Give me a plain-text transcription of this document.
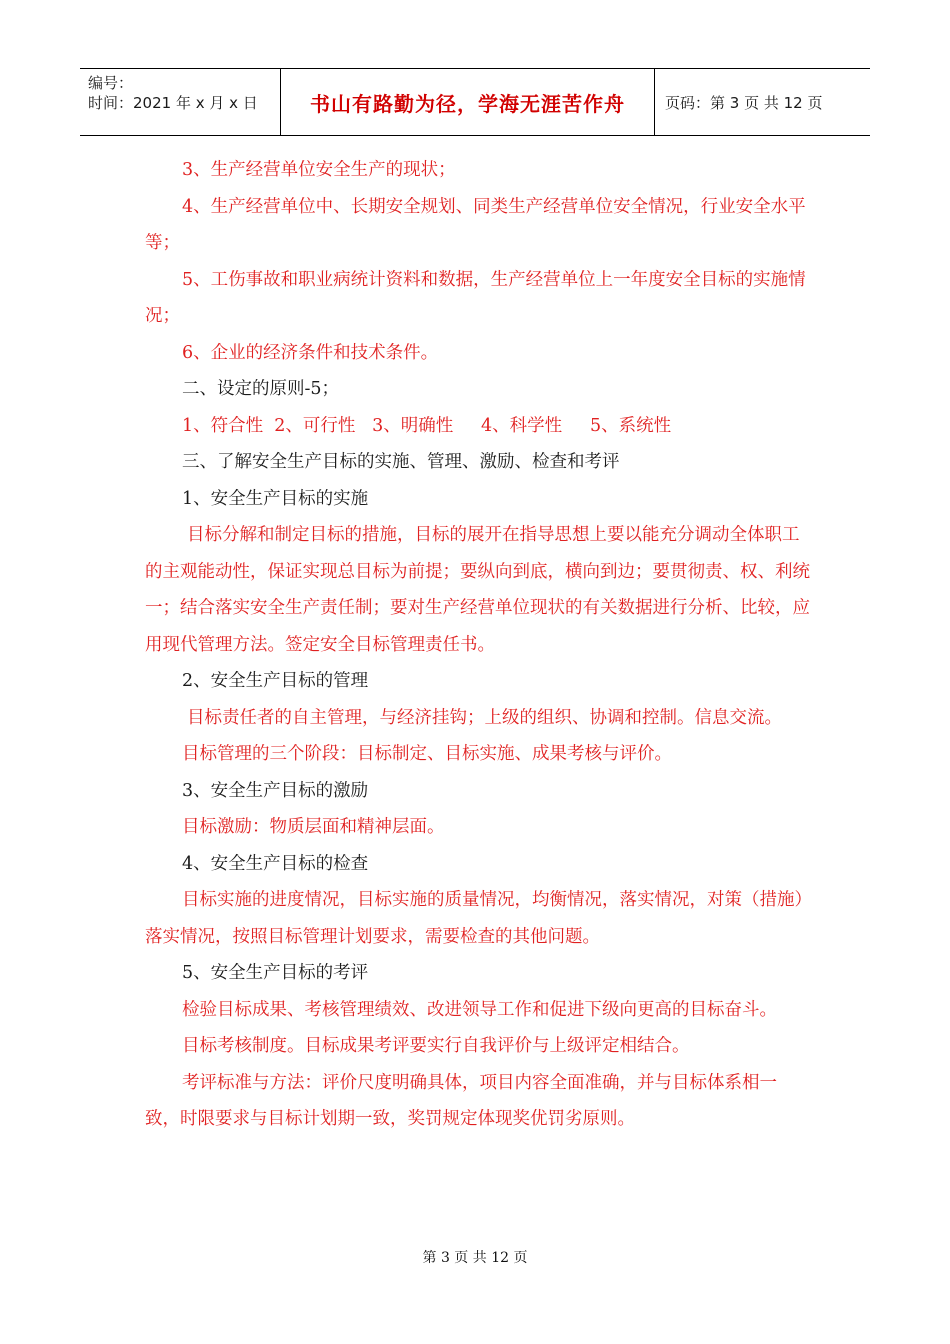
编号：
时间：2021 年 x 月 x 日	书山有路勤为径，学海无涯苦作舟	页码：第 3 页 共 12 页

3、生产经营单位安全生产的现状；

4、生产经营单位中、长期安全规划、同类生产经营单位安全情况，行业安全水平等；

5、工伤事故和职业病统计资料和数据，生产经营单位上一年度安全目标的实施情况；

6、企业的经济条件和技术条件。

二、设定的原则-5；

1、符合性  2、可行性   3、明确性     4、科学性     5、系统性

三、了解安全生产目标的实施、管理、激励、检查和考评

1、安全生产目标的实施

目标分解和制定目标的措施，目标的展开在指导思想上要以能充分调动全体职工的主观能动性，保证实现总目标为前提；要纵向到底，横向到边；要贯彻责、权、利统一；结合落实安全生产责任制；要对生产经营单位现状的有关数据进行分析、比较，应用现代管理方法。签定安全目标管理责任书。

2、安全生产目标的管理

目标责任者的自主管理，与经济挂钩；上级的组织、协调和控制。信息交流。

目标管理的三个阶段：目标制定、目标实施、成果考核与评价。

3、安全生产目标的激励

目标激励：物质层面和精神层面。

4、安全生产目标的检查

目标实施的进度情况，目标实施的质量情况，均衡情况，落实情况，对策（措施）落实情况，按照目标管理计划要求，需要检查的其他问题。

5、安全生产目标的考评

检验目标成果、考核管理绩效、改进领导工作和促进下级向更高的目标奋斗。

目标考核制度。目标成果考评要实行自我评价与上级评定相结合。

考评标准与方法：评价尺度明确具体，项目内容全面准确，并与目标体系相一致，时限要求与目标计划期一致，奖罚规定体现奖优罚劣原则。

第 3 页 共 12 页
